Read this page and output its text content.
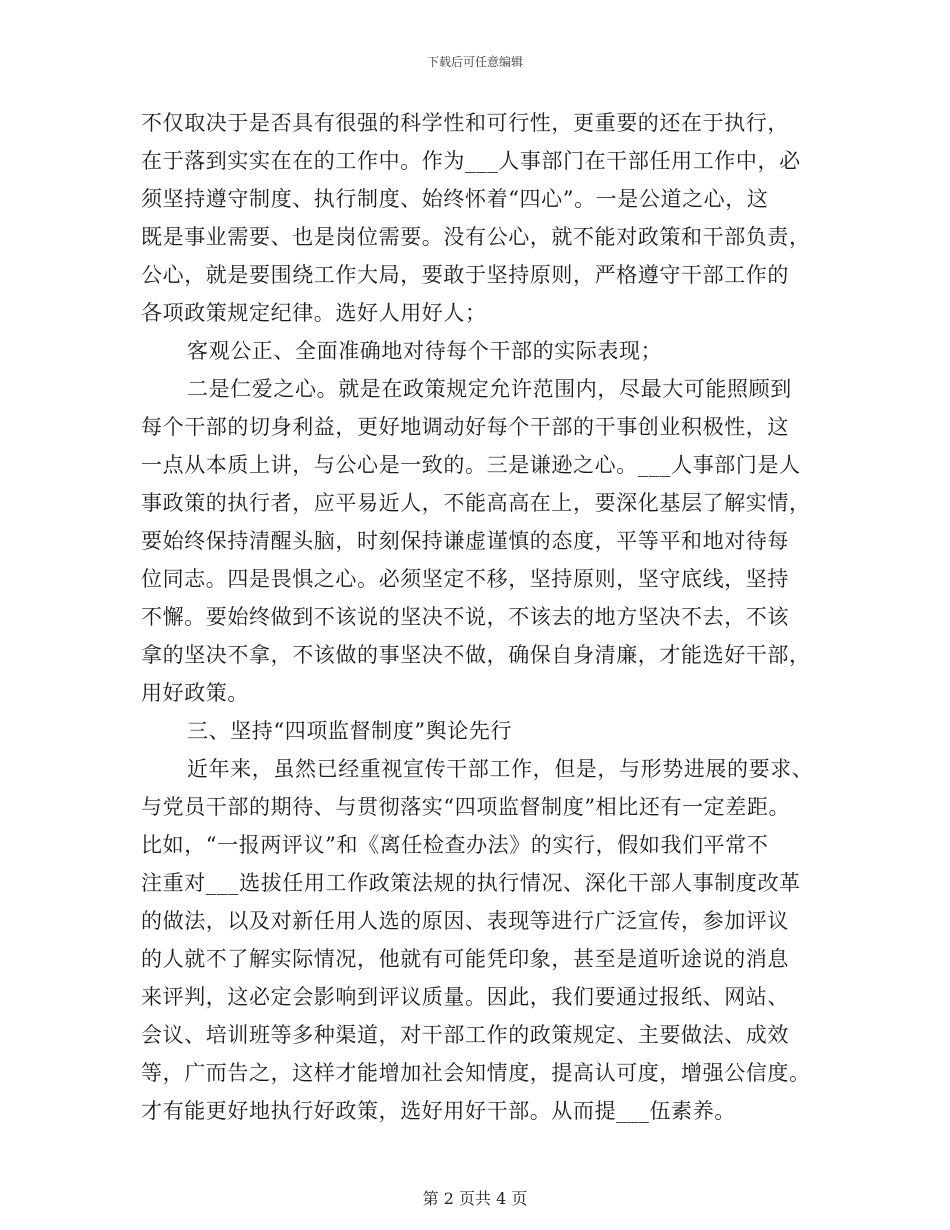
下载后可任意编辑
不仅取决于是否具有很强的科学性和可行性，更重要的还在于执行，
在于落到实实在在的工作中。作为___人事部门在干部任用工作中，必
须坚持遵守制度、执行制度、始终怀着“四心”。一是公道之心，这
既是事业需要、也是岗位需要。没有公心，就不能对政策和干部负责，
公心，就是要围绕工作大局，要敢于坚持原则，严格遵守干部工作的
各项政策规定纪律。选好人用好人；
客观公正、全面准确地对待每个干部的实际表现；
二是仁爱之心。就是在政策规定允许范围内，尽最大可能照顾到
每个干部的切身利益，更好地调动好每个干部的干事创业积极性，这
一点从本质上讲，与公心是一致的。三是谦逊之心。___人事部门是人
事政策的执行者，应平易近人，不能高高在上，要深化基层了解实情，
要始终保持清醒头脑，时刻保持谦虚谨慎的态度，平等平和地对待每
位同志。四是畏惧之心。必须坚定不移，坚持原则，坚守底线，坚持
不懈。要始终做到不该说的坚决不说，不该去的地方坚决不去，不该
拿的坚决不拿，不该做的事坚决不做，确保自身清廉，才能选好干部，
用好政策。
三、坚持“四项监督制度”舆论先行
近年来，虽然已经重视宣传干部工作，但是，与形势进展的要求、
与党员干部的期待、与贯彻落实“四项监督制度”相比还有一定差距。
比如，“一报两评议”和《离任检查办法》的实行，假如我们平常不
注重对___选拔任用工作政策法规的执行情况、深化干部人事制度改革
的做法，以及对新任用人选的原因、表现等进行广泛宣传，参加评议
的人就不了解实际情况，他就有可能凭印象，甚至是道听途说的消息
来评判，这必定会影响到评议质量。因此，我们要通过报纸、网站、
会议、培训班等多种渠道，对干部工作的政策规定、主要做法、成效
等，广而告之，这样才能增加社会知情度，提高认可度，增强公信度。
才有能更好地执行好政策，选好用好干部。从而提___伍素养。
第 2 页共 4 页
